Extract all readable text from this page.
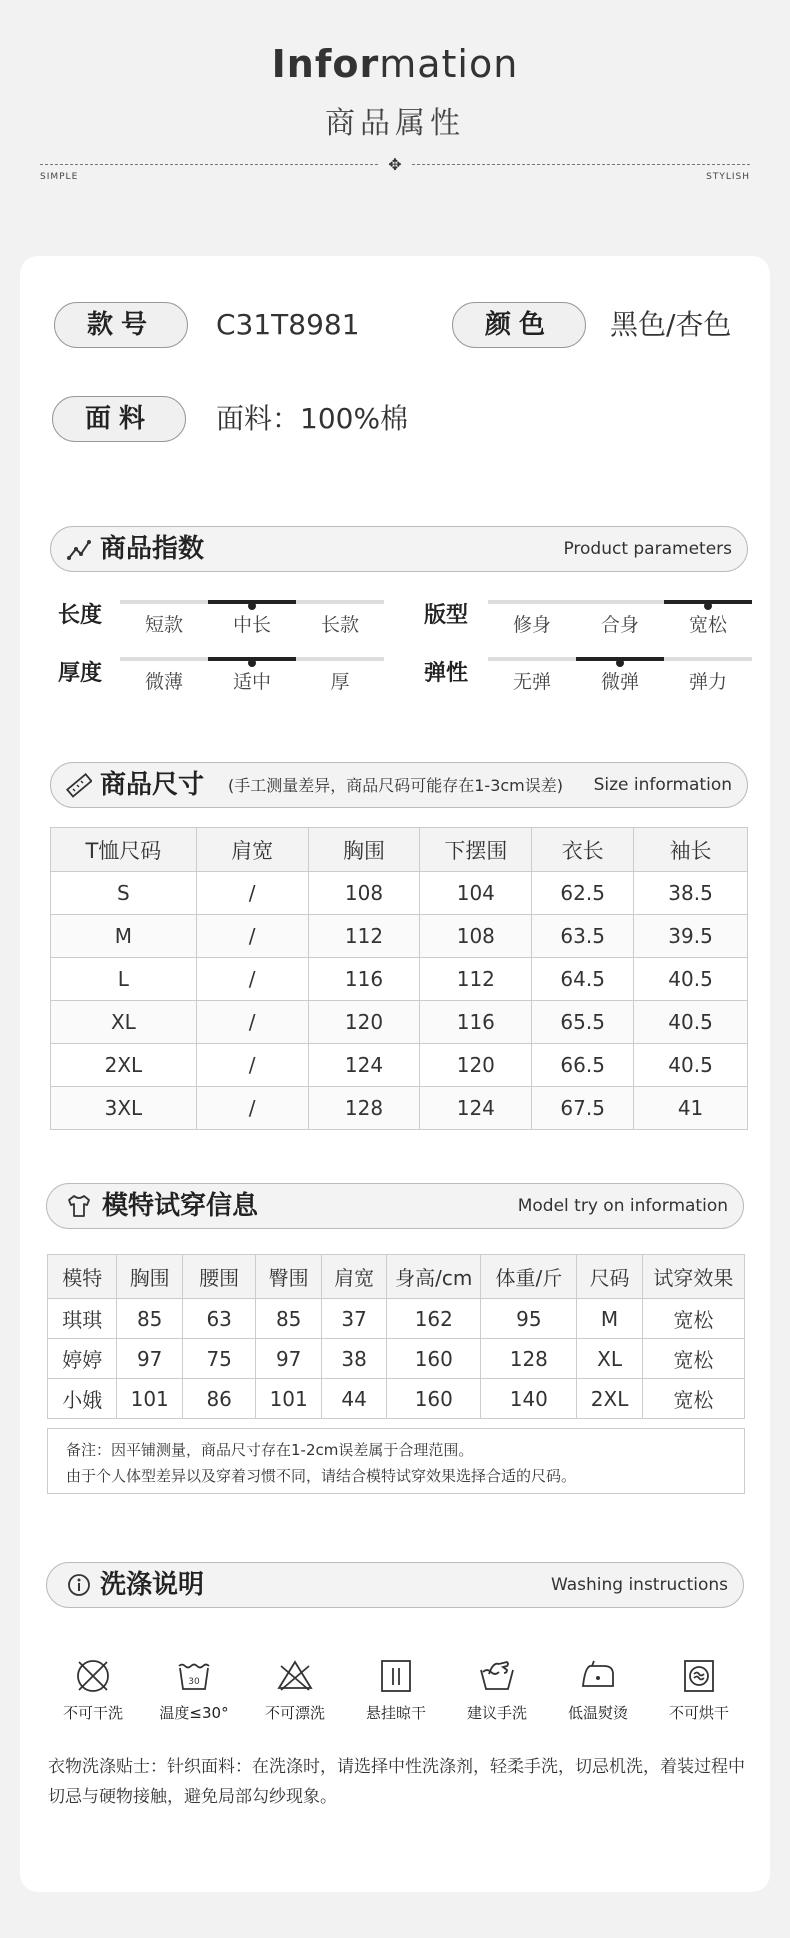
Information
商品属性
✥
SIMPLE	STYLISH
款号	C31T8981	颜色	黑色/杏色
面料	面料：100%棉
商品指数	Product parameters
长度	短款	中长	长款	版型	修身	合身	宽松
厚度	微薄	适中	厚	弹性	无弹	微弹	弹力
商品尺寸 (手工测量差异，商品尺码可能存在1-3cm误差) Size information
T恤尺码	肩宽	胸围	下摆围	衣长	袖长
S	/	108	104	62.5	38.5
M	/	112	108	63.5	39.5
L	/	116	112	64.5	40.5
XL	/	120	116	65.5	40.5
2XL	/	124	120	66.5	40.5
3XL	/	128	124	67.5	41
模特试穿信息	Model try on information
模特	胸围	腰围	臀围	肩宽	身高/cm	体重/斤	尺码	试穿效果
琪琪	85	63	85	37	162	95	M	宽松
婷婷	97	75	97	38	160	128	XL	宽松
小娥	101	86	101	44	160	140	2XL	宽松
备注：因平铺测量，商品尺寸存在1-2cm误差属于合理范围。
由于个人体型差异以及穿着习惯不同，请结合模特试穿效果选择合适的尺码。
洗涤说明	Washing instructions
不可干洗
30
温度≤30°	不可漂洗	悬挂晾干	建议手洗	低温熨烫	不可烘干
衣物洗涤贴士：针织面料：在洗涤时，请选择中性洗涤剂，轻柔手洗，切忌机洗，着装过程中切忌与硬物接触，避免局部勾纱现象。
